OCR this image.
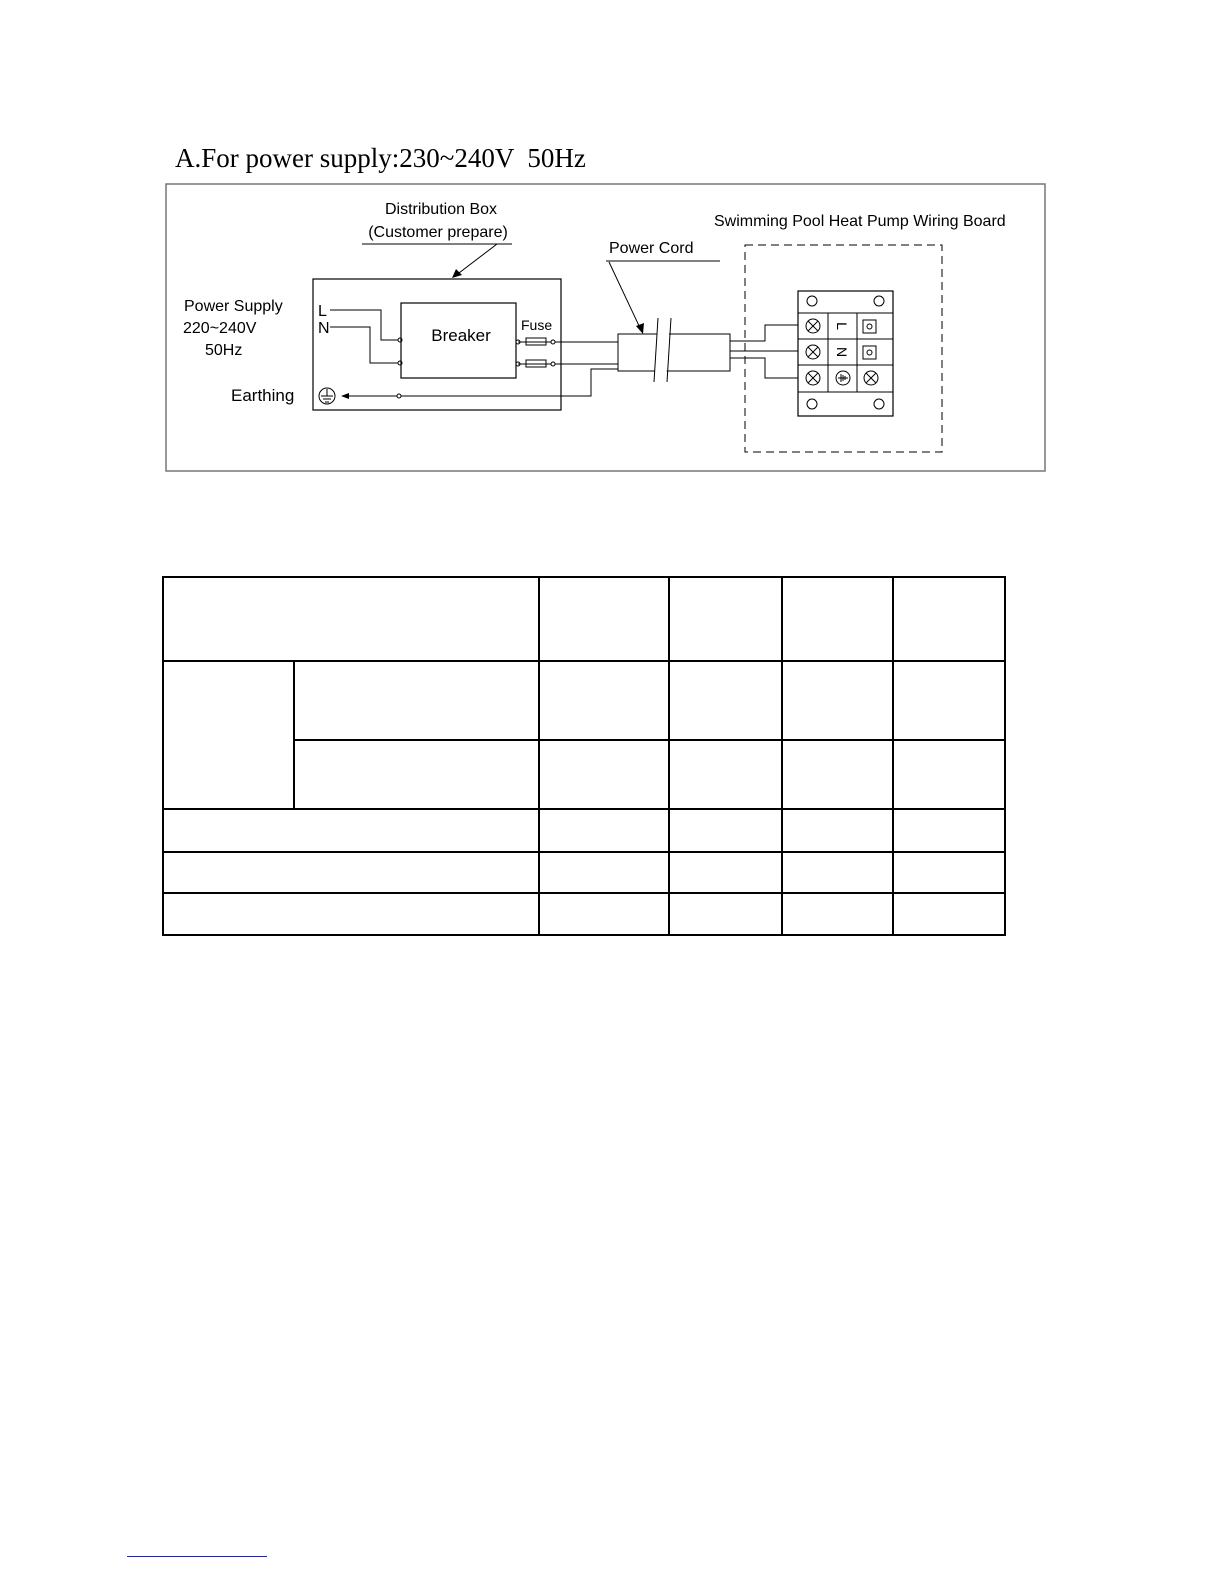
A.For power supply:230~240V  50Hz
Distribution Box
(Customer prepare)
Power Supply
220~240V
50Hz
L
N	Breaker
Fuse
Earthing
Power Cord
Swimming Pool Heat Pump Wiring Board
L
N
